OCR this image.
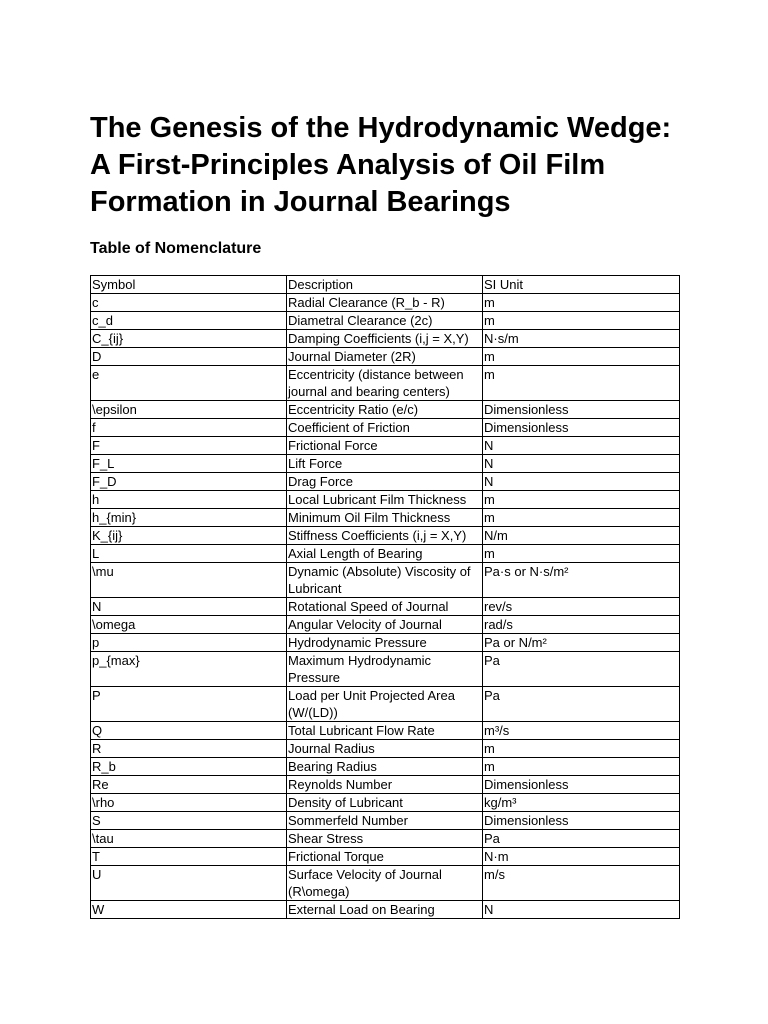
The Genesis of the Hydrodynamic Wedge: A First-Principles Analysis of Oil Film Formation in Journal Bearings
Table of Nomenclature
Symbol	Description	SI Unit
c	Radial Clearance (R_b - R)	m
c_d	Diametral Clearance (2c)	m
C_{ij}	Damping Coefficients (i,j = X,Y)	N·s/m
D	Journal Diameter (2R)	m
e	Eccentricity (distance between journal and bearing centers)	m
\epsilon	Eccentricity Ratio (e/c)	Dimensionless
f	Coefficient of Friction	Dimensionless
F	Frictional Force	N
F_L	Lift Force	N
F_D	Drag Force	N
h	Local Lubricant Film Thickness	m
h_{min}	Minimum Oil Film Thickness	m
K_{ij}	Stiffness Coefficients (i,j = X,Y)	N/m
L	Axial Length of Bearing	m
\mu	Dynamic (Absolute) Viscosity of Lubricant	Pa·s or N·s/m²
N	Rotational Speed of Journal	rev/s
\omega	Angular Velocity of Journal	rad/s
p	Hydrodynamic Pressure	Pa or N/m²
p_{max}	Maximum Hydrodynamic Pressure	Pa
P	Load per Unit Projected Area (W/(LD))	Pa
Q	Total Lubricant Flow Rate	m³/s
R	Journal Radius	m
R_b	Bearing Radius	m
Re	Reynolds Number	Dimensionless
\rho	Density of Lubricant	kg/m³
S	Sommerfeld Number	Dimensionless
\tau	Shear Stress	Pa
T	Frictional Torque	N·m
U	Surface Velocity of Journal (R\omega)	m/s
W	External Load on Bearing	N
